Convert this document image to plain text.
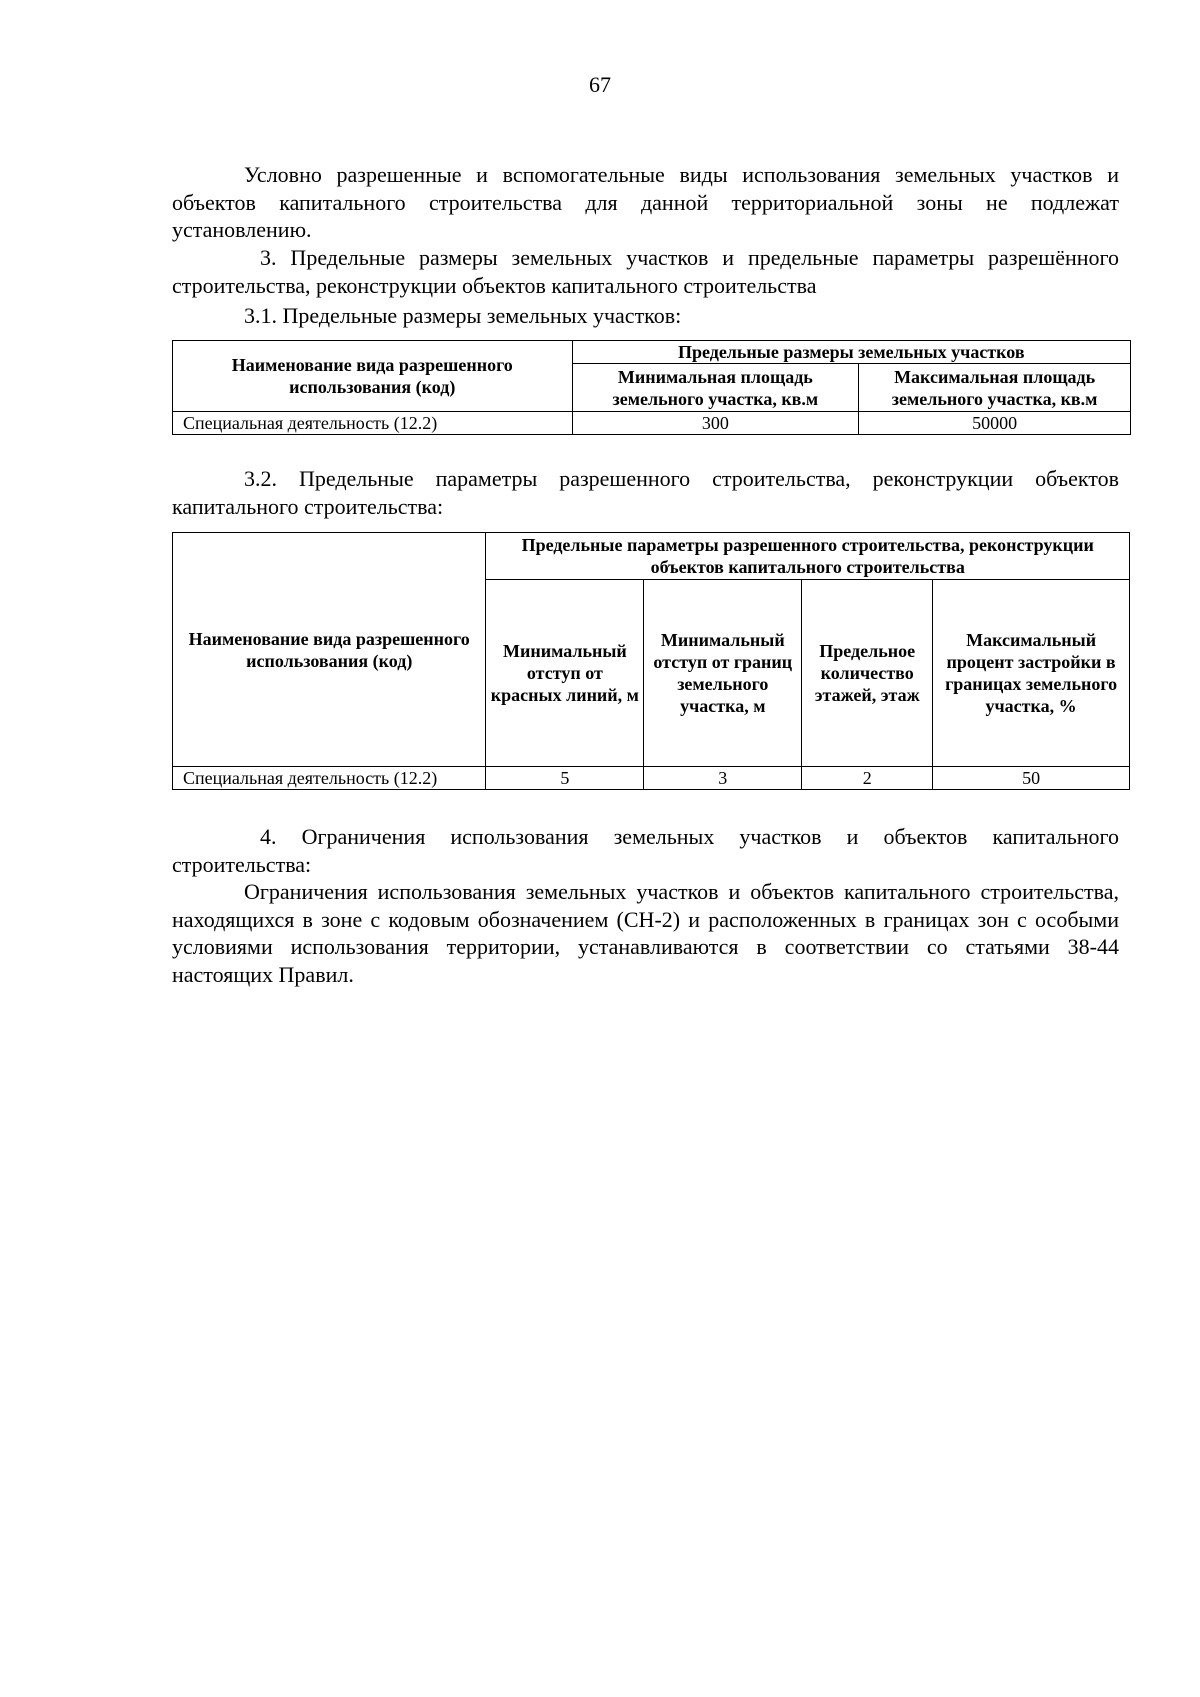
67

Условно разрешенные и вспомогательные виды использования земельных участков и объектов капитального строительства для данной территориальной зоны не подлежат установлению.

3. Предельные размеры земельных участков и предельные параметры разрешённого строительства, реконструкции объектов капитального строительства

3.1. Предельные размеры земельных участков:

Наименование вида разрешенного использования (код)	Предельные размеры земельных участков	
	Минимальная площадь земельного участка, кв.м	Максимальная площадь земельного участка, кв.м
Специальная деятельность (12.2)	300	50000

3.2. Предельные параметры разрешенного строительства, реконструкции объектов капитального строительства:

Наименование вида разрешенного использования (код)	Предельные параметры разрешенного строительства, реконструкции объектов капитального строительства			
	Минимальный отступ от красных линий, м	Минимальный отступ от границ земельного участка, м	Предельное количество этажей, этаж	Максимальный процент застройки в границах земельного участка, %
Специальная деятельность (12.2)	5	3	2	50

4. Ограничения использования земельных участков и объектов капитального строительства:

Ограничения использования земельных участков и объектов капитального строительства, находящихся в зоне с кодовым обозначением (СН-2) и расположенных в границах зон с особыми условиями использования территории, устанавливаются в соответствии со статьями 38-44 настоящих Правил.
